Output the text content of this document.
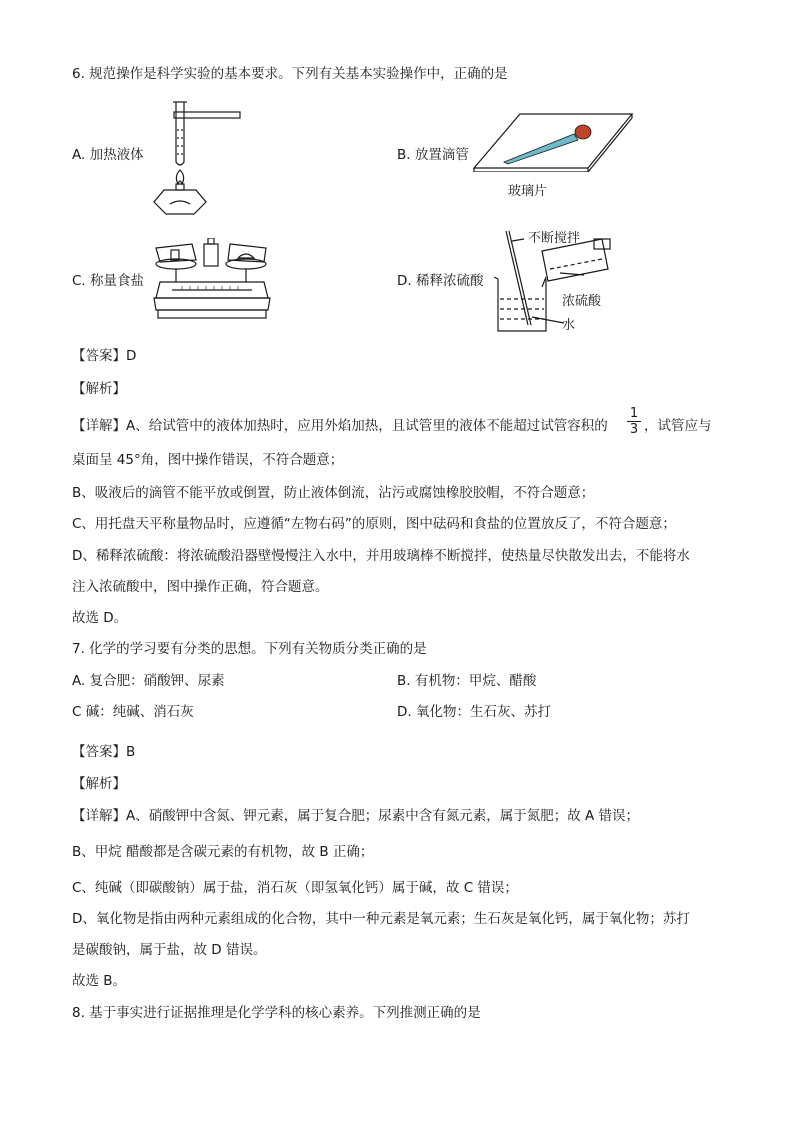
6. 规范操作是科学实验的基本要求。下列有关基本实验操作中，正确的是
A. 加热液体	B. 放置滴管
玻璃片
C. 称量食盐	D. 稀释浓硫酸
不断搅拌
浓硫酸
水
【答案】D
【解析】
【详解】A、给试管中的液体加热时，应用外焰加热，且试管里的液体不能超过试管容积的 $\frac{1}{3}$ ，试管应与
桌面呈 45°角，图中操作错误，不符合题意；
B、吸液后的滴管不能平放或倒置，防止液体倒流，沾污或腐蚀橡胶胶帽，不符合题意；
C、用托盘天平称量物品时，应遵循“左物右码”的原则，图中砝码和食盐的位置放反了，不符合题意；
D、稀释浓硫酸：将浓硫酸沿器壁慢慢注入水中，并用玻璃棒不断搅拌，使热量尽快散发出去，不能将水
注入浓硫酸中，图中操作正确，符合题意。
故选 D。
7. 化学的学习要有分类的思想。下列有关物质分类正确的是
A. 复合肥：硝酸钾、尿素	B. 有机物：甲烷、醋酸
C 碱：纯碱、消石灰	D. 氧化物：生石灰、苏打
【答案】B
【解析】
【详解】A、硝酸钾中含氮、钾元素，属于复合肥；尿素中含有氮元素，属于氮肥；故 A 错误；
B、甲烷 醋酸都是含碳元素的有机物，故 B 正确；
C、纯碱（即碳酸钠）属于盐，消石灰（即氢氧化钙）属于碱，故 C 错误；
D、氧化物是指由两种元素组成的化合物，其中一种元素是氧元素；生石灰是氧化钙，属于氧化物；苏打
是碳酸钠，属于盐，故 D 错误。
故选 B。
8. 基于事实进行证据推理是化学学科的核心素养。下列推测正确的是
